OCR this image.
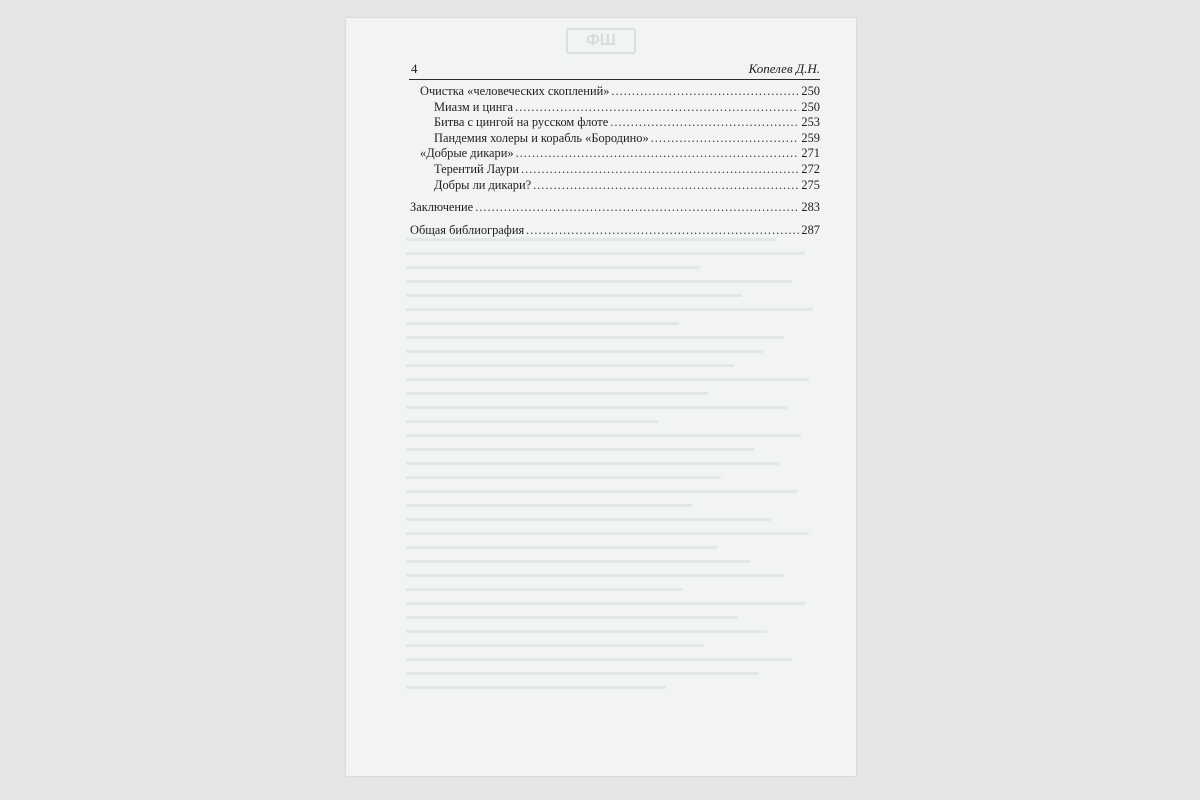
ФШ
4	Копелев Д.Н.
Очистка «человеческих скоплений» .....	250
Миазм и цинга .....	250
Битва с цингой на русском флоте .....	253
Пандемия холеры и корабль «Бородино» .....	259
«Добрые дикари» .....	271
Терентий Лаури .....	272
Добры ли дикари? .....	275
Заключение .....	283
Общая библиография .....	287
